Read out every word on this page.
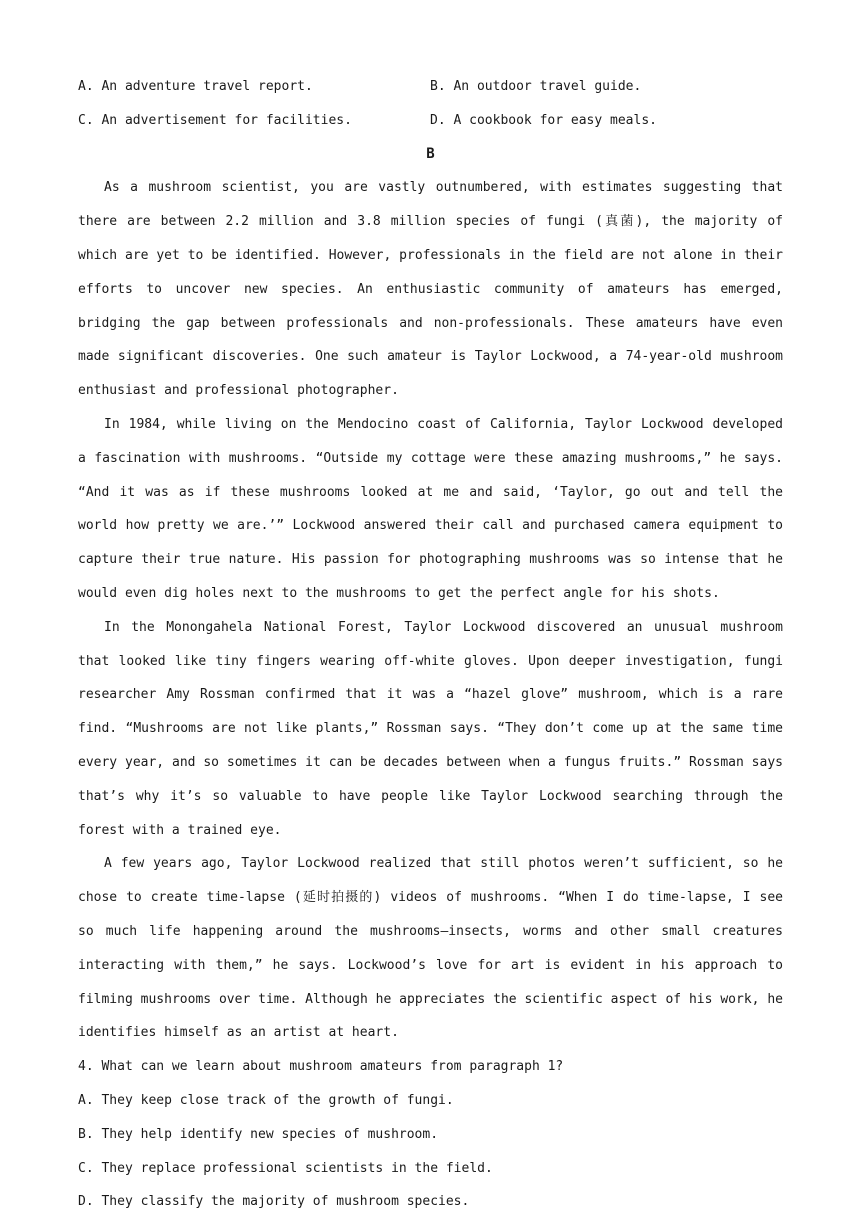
A. An adventure travel report.	B. An outdoor travel guide.
C. An advertisement for facilities.	D. A cookbook for easy meals.
B

As a mushroom scientist, you are vastly outnumbered, with estimates suggesting that there are between 2.2 million and 3.8 million species of fungi (真菌), the majority of which are yet to be identified. However, professionals in the field are not alone in their efforts to uncover new species. An enthusiastic community of amateurs has emerged, bridging the gap between professionals and non-professionals. These amateurs have even made significant discoveries. One such amateur is Taylor Lockwood, a 74-year-old mushroom enthusiast and professional photographer.

In 1984, while living on the Mendocino coast of California, Taylor Lockwood developed a fascination with mushrooms. “Outside my cottage were these amazing mushrooms,” he says. “And it was as if these mushrooms looked at me and said, ‘Taylor, go out and tell the world how pretty we are.’” Lockwood answered their call and purchased camera equipment to capture their true nature. His passion for photographing mushrooms was so intense that he would even dig holes next to the mushrooms to get the perfect angle for his shots.

In the Monongahela National Forest, Taylor Lockwood discovered an unusual mushroom that looked like tiny fingers wearing off-white gloves. Upon deeper investigation, fungi researcher Amy Rossman confirmed that it was a “hazel glove” mushroom, which is a rare find. “Mushrooms are not like plants,” Rossman says. “They don’t come up at the same time every year, and so sometimes it can be decades between when a fungus fruits.” Rossman says that’s why it’s so valuable to have people like Taylor Lockwood searching through the forest with a trained eye.

A few years ago, Taylor Lockwood realized that still photos weren’t sufficient, so he chose to create time-lapse (延时拍摄的) videos of mushrooms. “When I do time-lapse, I see so much life happening around the mushrooms—insects, worms and other small creatures interacting with them,” he says. Lockwood’s love for art is evident in his approach to filming mushrooms over time. Although he appreciates the scientific aspect of his work, he identifies himself as an artist at heart.

4. What can we learn about mushroom amateurs from paragraph 1?

A. They keep close track of the growth of fungi.

B. They help identify new species of mushroom.

C. They replace professional scientists in the field.

D. They classify the majority of mushroom species.
